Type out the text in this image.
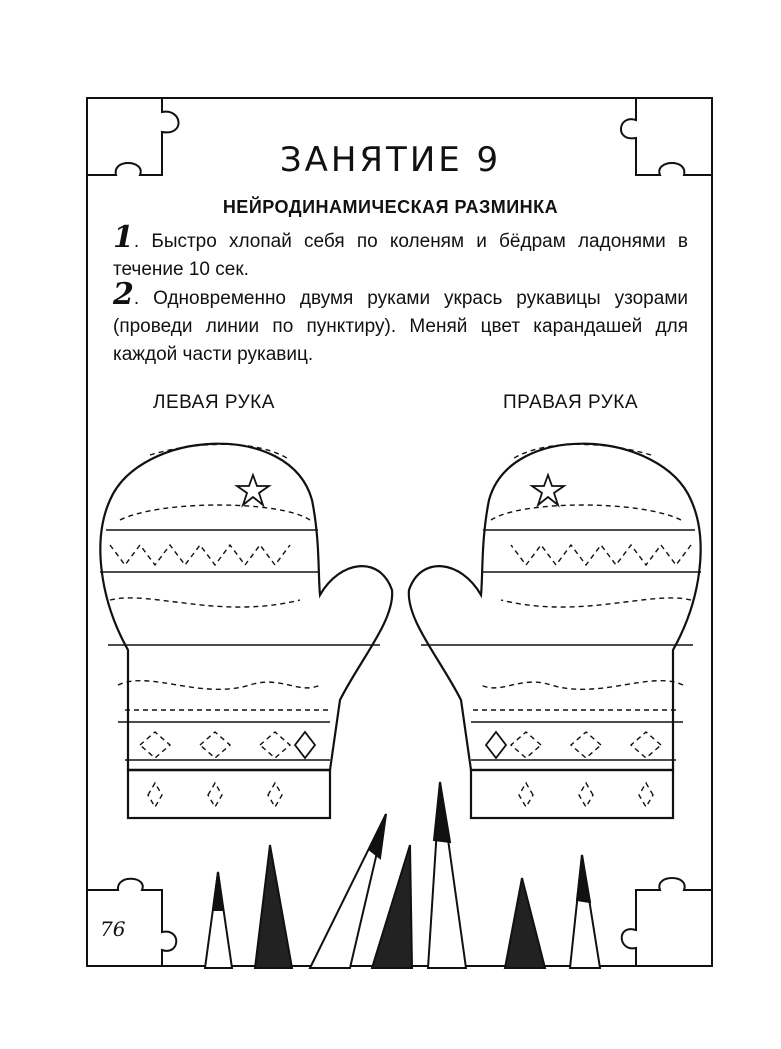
ЗАНЯТИЕ 9
НЕЙРОДИНАМИЧЕСКАЯ РАЗМИНКА
1. Быстро хлопай себя по коленям и бёдрам ладонями в течение 10 сек.
2. Одновременно двумя руками укрась рукавицы узорами (проведи линии по пунктиру). Меняй цвет карандашей для каждой части рукавиц.
ЛЕВАЯ РУКА	ПРАВАЯ РУКА
76
